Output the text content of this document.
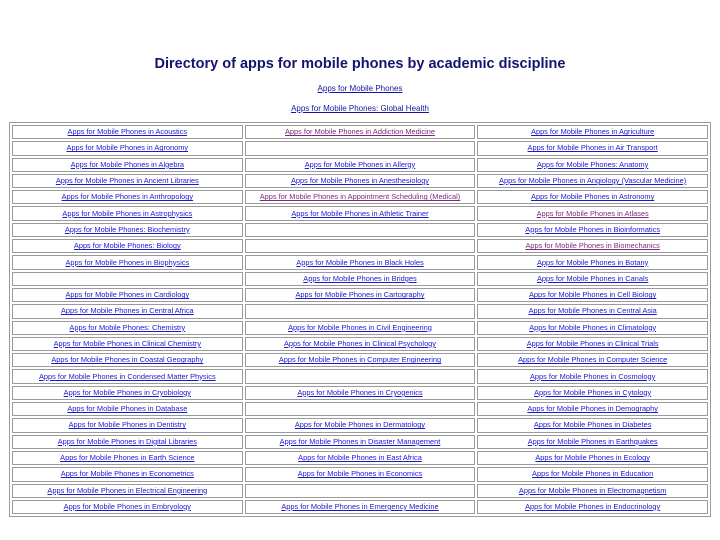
Directory of apps for mobile phones by academic discipline
Apps for Mobile Phones
Apps for Mobile Phones: Global Health
Apps for Mobile Phones in Acoustics	Apps for Mobile Phones in Addiction Medicine	Apps for Mobile Phones in Agriculture
Apps for Mobile Phones in Agronomy		Apps for Mobile Phones in Air Transport
Apps for Mobile Phones in Algebra	Apps for Mobile Phones in Allergy	Apps for Mobile Phones: Anatomy
Apps for Mobile Phones in Ancient Libraries	Apps for Mobile Phones in Anesthesiology	Apps for Mobile Phones in Angiology (Vascular Medicine)
Apps for Mobile Phones in Anthropology	Apps for Mobile Phones in Appointment Scheduling (Medical)	Apps for Mobile Phones in Astronomy
Apps for Mobile Phones in Astrophysics	Apps for Mobile Phones in Athletic Trainer	Apps for Mobile Phones in Atlases
Apps for Mobile Phones: Biochemistry		Apps for Mobile Phones in Bioinformatics
Apps for Mobile Phones: Biology		Apps for Mobile Phones in Biomechanics
Apps for Mobile Phones in Biophysics	Apps for Mobile Phones in Black Holes	Apps for Mobile Phones in Botany
	Apps for Mobile Phones in Bridges	Apps for Mobile Phones in Canals
Apps for Mobile Phones in Cardiology	Apps for Mobile Phones in Cartography	Apps for Mobile Phones in Cell Biology
Apps for Mobile Phones in Central Africa		Apps for Mobile Phones in Central Asia
Apps for Mobile Phones: Chemistry	Apps for Mobile Phones in Civil Engineering	Apps for Mobile Phones in Climatology
Apps for Mobile Phones in Clinical Chemistry	Apps for Mobile Phones in Clinical Psychology	Apps for Mobile Phones in Clinical Trials
Apps for Mobile Phones in Coastal Geography	Apps for Mobile Phones in Computer Engineering	Apps for Mobile Phones in Computer Science
Apps for Mobile Phones in Condensed Matter Physics		Apps for Mobile Phones in Cosmology
Apps for Mobile Phones in Cryobiology	Apps for Mobile Phones in Cryogenics	Apps for Mobile Phones in Cytology
Apps for Mobile Phones in Database		Apps for Mobile Phones in Demography
Apps for Mobile Phones in Dentistry	Apps for Mobile Phones in Dermatology	Apps for Mobile Phones in Diabetes
Apps for Mobile Phones in Digital Libraries	Apps for Mobile Phones in Disaster Management	Apps for Mobile Phones in Earthquakes
Apps for Mobile Phones in Earth Science	Apps for Mobile Phones in East Africa	Apps for Mobile Phones in Ecology
Apps for Mobile Phones in Econometrics	Apps for Mobile Phones in Economics	Apps for Mobile Phones in Education
Apps for Mobile Phones in Electrical Engineering		Apps for Mobile Phones in Electromagnetism
Apps for Mobile Phones in Embryology	Apps for Mobile Phones in Emergency Medicine	Apps for Mobile Phones in Endocrinology
